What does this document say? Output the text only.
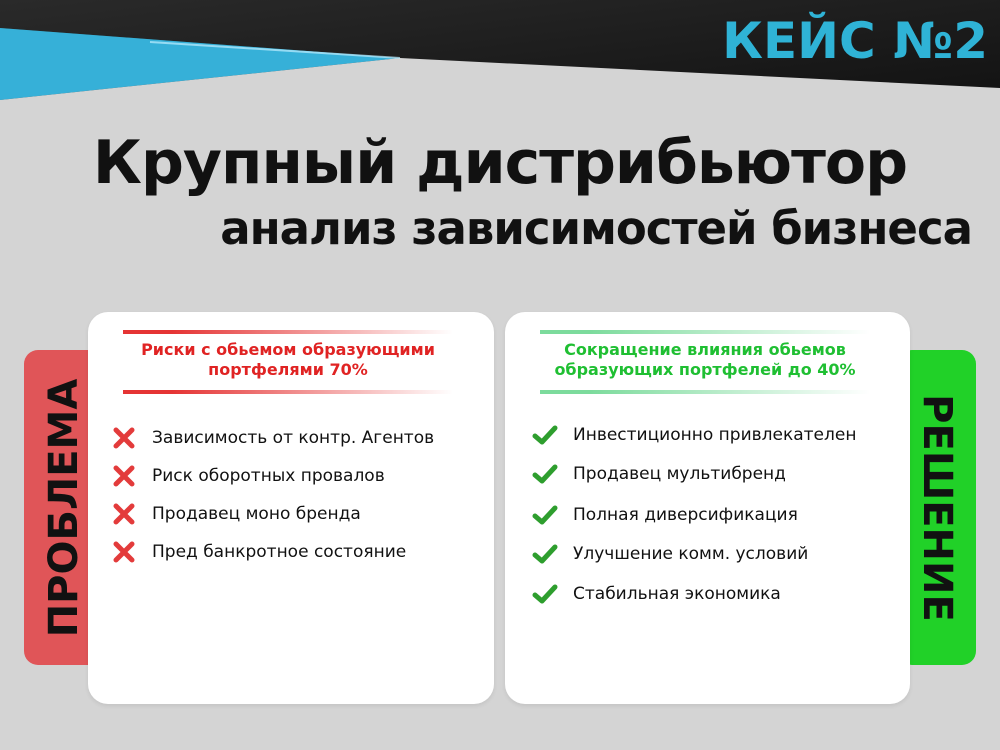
КЕЙС №2
Крупный дистрибьютор
анализ зависимостей бизнеса
ПРОБЛЕМА	РЕШЕНИЕ
Риски с обьемом образующими
портфелями 70%
Зависимость от контр. Агентов
Риск оборотных провалов
Продавец моно бренда
Пред банкротное состояние
Сокращение влияния обьемов
образующих портфелей до 40%
Инвестиционно привлекателен
Продавец мультибренд
Полная диверсификация
Улучшение комм. условий
Стабильная экономика
